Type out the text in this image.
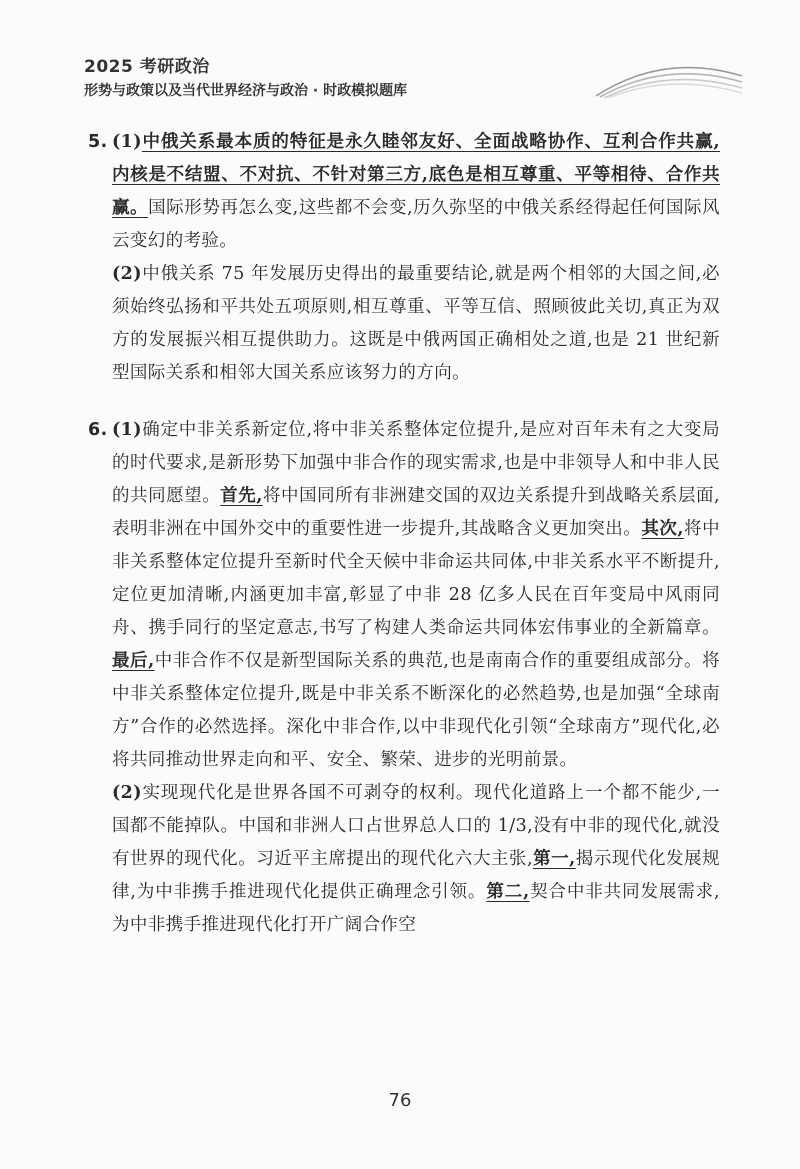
2025 考研政治
形势与政策以及当代世界经济与政治 · 时政模拟题库
5. (1)中俄关系最本质的特征是永久睦邻友好、全面战略协作、互利合作共赢,内核是不结盟、不对抗、不针对第三方,底色是相互尊重、平等相待、合作共赢。国际形势再怎么变,这些都不会变,历久弥坚的中俄关系经得起任何国际风云变幻的考验。

(2)中俄关系 75 年发展历史得出的最重要结论,就是两个相邻的大国之间,必须始终弘扬和平共处五项原则,相互尊重、平等互信、照顾彼此关切,真正为双方的发展振兴相互提供助力。这既是中俄两国正确相处之道,也是 21 世纪新型国际关系和相邻大国关系应该努力的方向。

6. (1)确定中非关系新定位,将中非关系整体定位提升,是应对百年未有之大变局的时代要求,是新形势下加强中非合作的现实需求,也是中非领导人和中非人民的共同愿望。首先,将中国同所有非洲建交国的双边关系提升到战略关系层面,表明非洲在中国外交中的重要性进一步提升,其战略含义更加突出。其次,将中非关系整体定位提升至新时代全天候中非命运共同体,中非关系水平不断提升,定位更加清晰,内涵更加丰富,彰显了中非 28 亿多人民在百年变局中风雨同舟、携手同行的坚定意志,书写了构建人类命运共同体宏伟事业的全新篇章。最后,中非合作不仅是新型国际关系的典范,也是南南合作的重要组成部分。将中非关系整体定位提升,既是中非关系不断深化的必然趋势,也是加强“全球南方”合作的必然选择。深化中非合作,以中非现代化引领“全球南方”现代化,必将共同推动世界走向和平、安全、繁荣、进步的光明前景。

(2)实现现代化是世界各国不可剥夺的权利。现代化道路上一个都不能少,一国都不能掉队。中国和非洲人口占世界总人口的 1/3,没有中非的现代化,就没有世界的现代化。习近平主席提出的现代化六大主张,第一,揭示现代化发展规律,为中非携手推进现代化提供正确理念引领。第二,契合中非共同发展需求,为中非携手推进现代化打开广阔合作空

76
